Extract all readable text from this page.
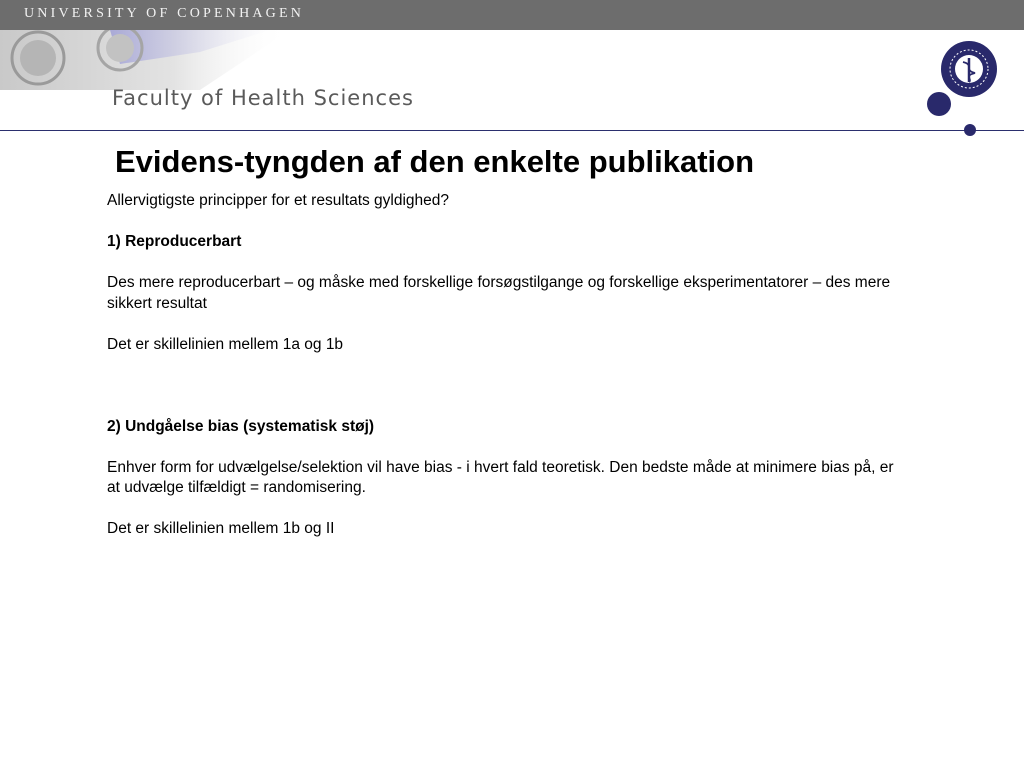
UNIVERSITY OF COPENHAGEN

Faculty of Health Sciences

Evidens-tyngden af den enkelte publikation

Allervigtigste principper for et resultats gyldighed?

1) Reproducerbart

Des mere reproducerbart – og måske med forskellige forsøgstilgange og forskellige eksperimentatorer – des mere sikkert resultat

Det er skillelinien mellem 1a og 1b

2) Undgåelse bias (systematisk støj)

Enhver form for udvælgelse/selektion vil have bias - i hvert fald teoretisk. Den bedste måde at minimere bias på, er at udvælge tilfældigt = randomisering.

Det er skillelinien mellem 1b og II
